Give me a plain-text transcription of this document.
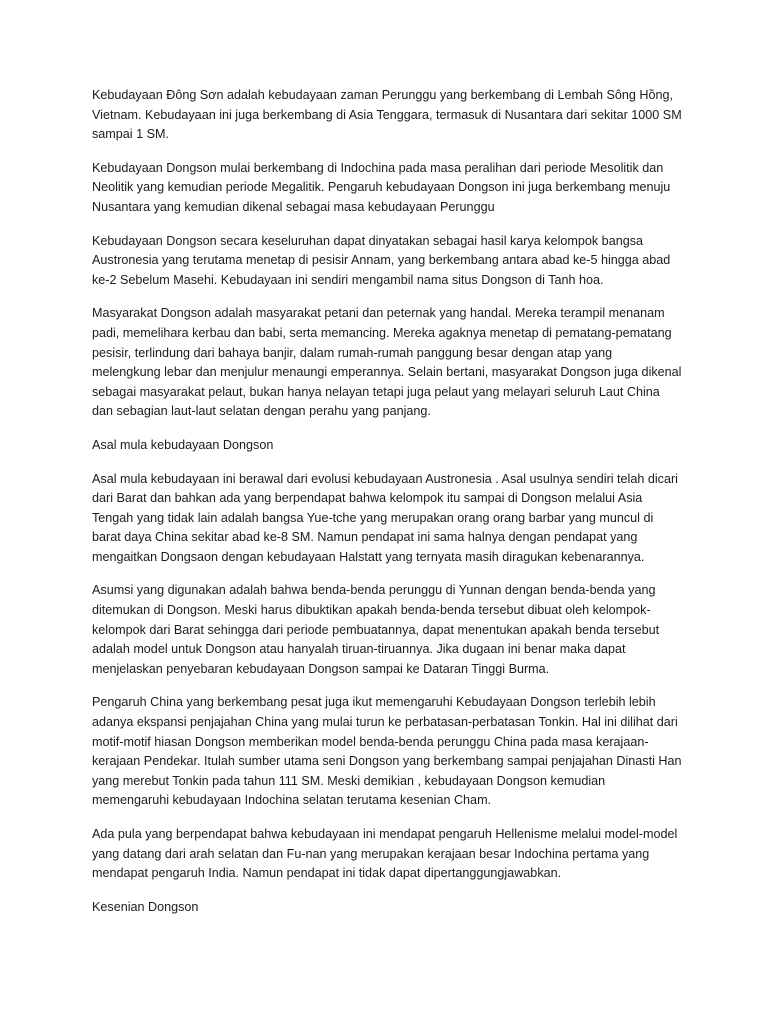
Kebudayaan Đông Sơn adalah kebudayaan zaman Perunggu yang berkembang di Lembah Sông Hồng, Vietnam. Kebudayaan ini juga berkembang di Asia Tenggara, termasuk di Nusantara dari sekitar 1000 SM sampai 1 SM.

Kebudayaan Dongson mulai berkembang di Indochina pada masa peralihan dari periode Mesolitik dan Neolitik yang kemudian periode Megalitik. Pengaruh kebudayaan Dongson ini juga berkembang menuju Nusantara yang kemudian dikenal sebagai masa kebudayaan Perunggu

Kebudayaan Dongson secara keseluruhan dapat dinyatakan sebagai hasil karya kelompok bangsa Austronesia yang terutama menetap di pesisir Annam, yang berkembang antara abad ke-5 hingga abad ke-2 Sebelum Masehi. Kebudayaan ini sendiri mengambil nama situs Dongson di Tanh hoa.

Masyarakat Dongson adalah masyarakat petani dan peternak yang handal. Mereka terampil menanam padi, memelihara kerbau dan babi, serta memancing. Mereka agaknya menetap di pematang-pematang pesisir, terlindung dari bahaya banjir, dalam rumah-rumah panggung besar dengan atap yang melengkung lebar dan menjulur menaungi emperannya. Selain bertani, masyarakat Dongson juga dikenal sebagai masyarakat pelaut, bukan hanya nelayan tetapi juga pelaut yang melayari seluruh Laut China dan sebagian laut-laut selatan dengan perahu yang panjang.

Asal mula kebudayaan Dongson

Asal mula kebudayaan ini berawal dari evolusi kebudayaan Austronesia . Asal usulnya sendiri telah dicari dari Barat dan bahkan ada yang berpendapat bahwa kelompok itu sampai di Dongson melalui Asia Tengah yang tidak lain adalah bangsa Yue-tche yang merupakan orang orang barbar yang muncul di barat daya China sekitar abad ke-8 SM. Namun pendapat ini sama halnya dengan pendapat yang mengaitkan Dongsaon dengan kebudayaan Halstatt yang ternyata masih diragukan kebenarannya.

Asumsi yang digunakan adalah bahwa benda-benda perunggu di Yunnan dengan benda-benda yang ditemukan di Dongson. Meski harus dibuktikan apakah benda-benda tersebut dibuat oleh kelompok-kelompok dari Barat sehingga dari periode pembuatannya, dapat menentukan apakah benda tersebut adalah model untuk Dongson atau hanyalah tiruan-tiruannya. Jika dugaan ini benar maka dapat menjelaskan penyebaran kebudayaan Dongson sampai ke Dataran Tinggi Burma.

Pengaruh China yang berkembang pesat juga ikut memengaruhi Kebudayaan Dongson terlebih lebih adanya ekspansi penjajahan China yang mulai turun ke perbatasan-perbatasan Tonkin. Hal ini dilihat dari motif-motif hiasan Dongson memberikan model benda-benda perunggu China pada masa kerajaan-kerajaan Pendekar. Itulah sumber utama seni Dongson yang berkembang sampai penjajahan Dinasti Han yang merebut Tonkin pada tahun 111 SM. Meski demikian , kebudayaan Dongson kemudian memengaruhi kebudayaan Indochina selatan terutama kesenian Cham.

Ada pula yang berpendapat bahwa kebudayaan ini mendapat pengaruh Hellenisme melalui model-model yang datang dari arah selatan dan Fu-nan yang merupakan kerajaan besar Indochina pertama yang mendapat pengaruh India. Namun pendapat ini tidak dapat dipertanggungjawabkan.

Kesenian Dongson
